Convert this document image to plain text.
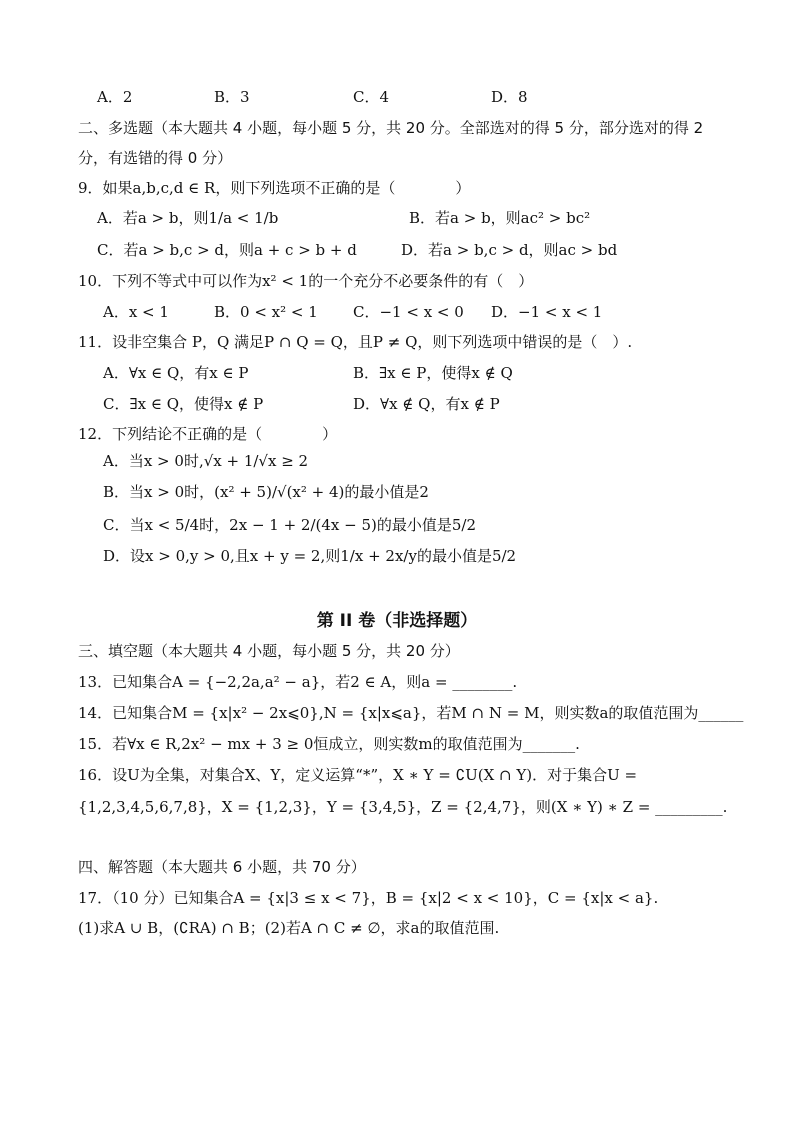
A．2	B．3	C．4	D．8
二、多选题（本大题共 4 小题，每小题 5 分，共 20 分。全部选对的得 5 分，部分选对的得 2
分，有选错的得 0 分）
9．如果a,b,c,d ∈ R，则下列选项不正确的是（　　　　）
A．若a > b，则1/a < 1/b	B．若a > b，则ac² > bc²
C．若a > b,c > d，则a + c > b + d	D．若a > b,c > d，则ac > bd
10．下列不等式中可以作为x² < 1的一个充分不必要条件的有（　）
A．x < 1	B．0 < x² < 1 C．−1 < x < 0 D．−1 < x < 1
11．设非空集合 P，Q 满足P ∩ Q = Q，且P ≠ Q，则下列选项中错误的是（　）.
A．∀x ∈ Q，有x ∈ P	B．∃x ∈ P，使得x ∉ Q
C．∃x ∈ Q，使得x ∉ P	D．∀x ∉ Q，有x ∉ P
12．下列结论不正确的是（　　　　）
A．当x > 0时,√x + 1/√x ≥ 2
B．当x > 0时，(x² + 5)/√(x² + 4)的最小值是2
C．当x < 5/4时，2x − 1 + 2/(4x − 5)的最小值是5/2
D．设x > 0,y > 0,且x + y = 2,则1/x + 2x/y的最小值是5/2
第 II 卷（非选择题）
三、填空题（本大题共 4 小题，每小题 5 分，共 20 分）
13．已知集合A = {−2,2a,a² − a}，若2 ∈ A，则a = ________.
14．已知集合M = {x|x² − 2x⩽0},N = {x|x⩽a}，若M ∩ N = M，则实数a的取值范围为______
15．若∀x ∈ R,2x² − mx + 3 ≥ 0恒成立，则实数m的取值范围为_______.
16．设U为全集，对集合X、Y，定义运算“*”，X ∗ Y = ∁U(X ∩ Y)．对于集合U =
{1,2,3,4,5,6,7,8}，X = {1,2,3}，Y = {3,4,5}，Z = {2,4,7}，则(X ∗ Y) ∗ Z = _________.
四、解答题（本大题共 6 小题，共 70 分）
17．（10 分）已知集合A = {x|3 ≤ x < 7}，B = {x|2 < x < 10}，C = {x|x < a}.
(1)求A ∪ B，(∁RA) ∩ B；(2)若A ∩ C ≠ ∅，求a的取值范围.
